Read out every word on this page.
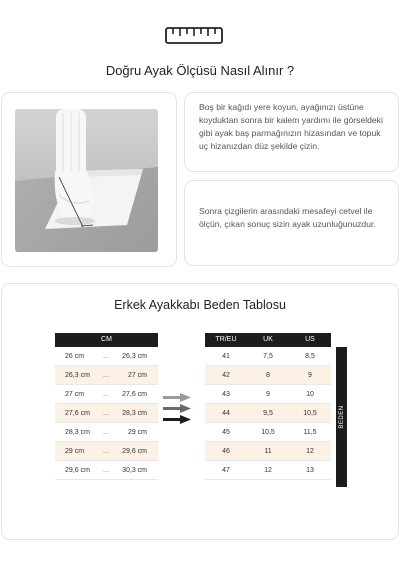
Doğru Ayak Ölçüsü Nasıl Alınır ?
Boş bir kağıdı yere koyun, ayağınızı üstüne koyduktan sonra bir kalem yardımı ile görseldeki gibi ayak baş parmağınızın hizasından ve topuk uç hizanızdan düz şekilde çizin.
Sonra çizgilerin arasındaki mesafeyi cetvel ile ölçün, çıkan sonuç sizin ayak uzunluğunuzdur.
Erkek Ayakkabı Beden Tablosu
CM
26 cm	... 26,3 cm
26,3 cm ...	27 cm
27 cm	... 27,6 cm
27,6 cm ... 28,3 cm
28,3 cm ...	29 cm
29 cm	... 29,6 cm
29,6 cm ... 30,3 cm
TR/EU	UK	US
41	7,5	8,5
42	8	9
43	9	10
44	9,5	10,5
45	10,5	11,5
46	11	12
47	12	13
BEDEN
